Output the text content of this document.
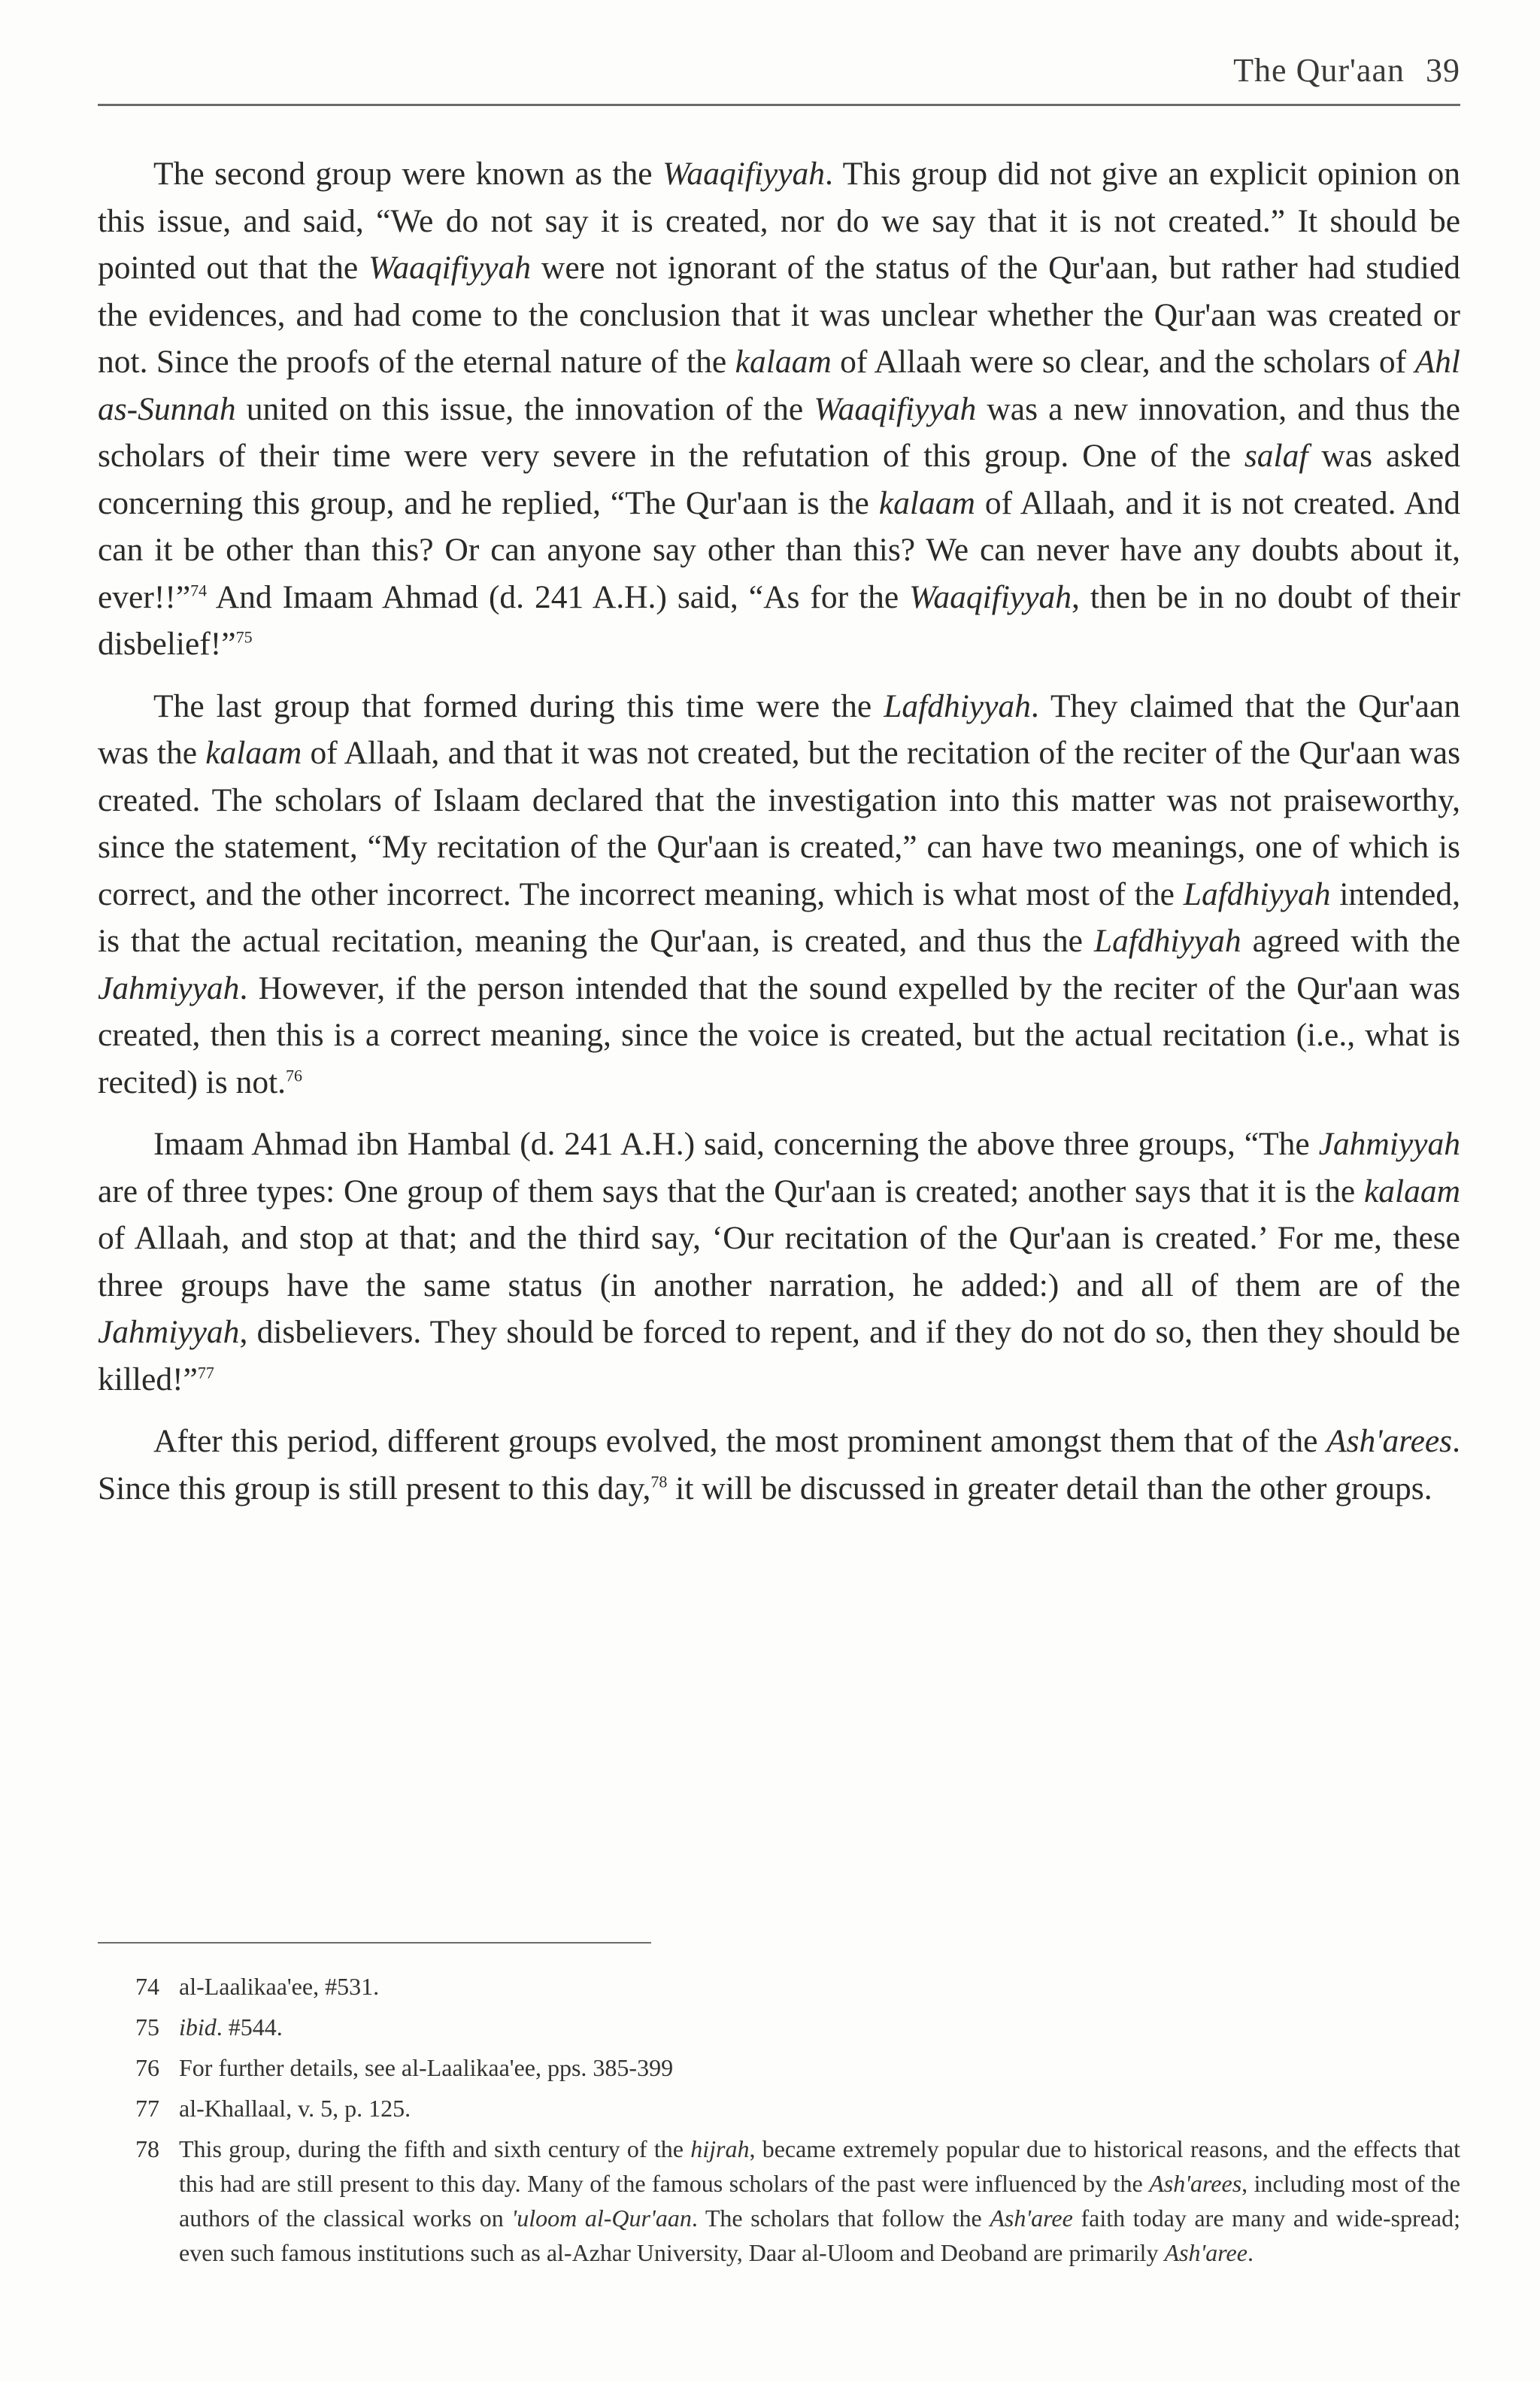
The Qur'aan 39

The second group were known as the Waaqifiyyah. This group did not give an explicit opinion on this issue, and said, “We do not say it is created, nor do we say that it is not created.” It should be pointed out that the Waaqifiyyah were not ignorant of the status of the Qur'aan, but rather had studied the evidences, and had come to the conclusion that it was unclear whether the Qur'aan was created or not. Since the proofs of the eternal nature of the kalaam of Allaah were so clear, and the scholars of Ahl as-Sunnah united on this issue, the innovation of the Waaqifiyyah was a new innovation, and thus the scholars of their time were very severe in the refutation of this group. One of the salaf was asked concerning this group, and he replied, “The Qur'aan is the kalaam of Allaah, and it is not created. And can it be other than this? Or can anyone say other than this? We can never have any doubts about it, ever!!”$^{74}$ And Imaam Ahmad (d. 241 A.H.) said, “As for the Waaqifiyyah, then be in no doubt of their disbelief!”$^{75}$

The last group that formed during this time were the Lafdhiyyah. They claimed that the Qur'aan was the kalaam of Allaah, and that it was not created, but the recitation of the reciter of the Qur'aan was created. The scholars of Islaam declared that the investigation into this matter was not praiseworthy, since the statement, “My recitation of the Qur'aan is created,” can have two meanings, one of which is correct, and the other incorrect. The incorrect meaning, which is what most of the Lafdhiyyah intended, is that the actual recitation, meaning the Qur'aan, is created, and thus the Lafdhiyyah agreed with the Jahmiyyah. However, if the person intended that the sound expelled by the reciter of the Qur'aan was created, then this is a correct meaning, since the voice is created, but the actual recitation (i.e., what is recited) is not.$^{76}$

Imaam Ahmad ibn Hambal (d. 241 A.H.) said, concerning the above three groups, “The Jahmiyyah are of three types: One group of them says that the Qur'aan is created; another says that it is the kalaam of Allaah, and stop at that; and the third say, ‘Our recitation of the Qur'aan is created.’ For me, these three groups have the same status (in another narration, he added:) and all of them are of the Jahmiyyah, disbelievers. They should be forced to repent, and if they do not do so, then they should be killed!”$^{77}$

After this period, different groups evolved, the most prominent amongst them that of the Ash'arees. Since this group is still present to this day,$^{78}$ it will be discussed in greater detail than the other groups.

74 al-Laalikaa'ee, #531.
75 ibid. #544.
76 For further details, see al-Laalikaa'ee, pps. 385-399
77 al-Khallaal, v. 5, p. 125.
78 This group, during the fifth and sixth century of the hijrah, became extremely popular due to historical reasons, and the effects that this had are still present to this day. Many of the famous scholars of the past were influenced by the Ash'arees, including most of the authors of the classical works on 'uloom al-Qur'aan. The scholars that follow the Ash'aree faith today are many and wide-spread; even such famous institutions such as al-Azhar University, Daar al-Uloom and Deoband are primarily Ash'aree.
